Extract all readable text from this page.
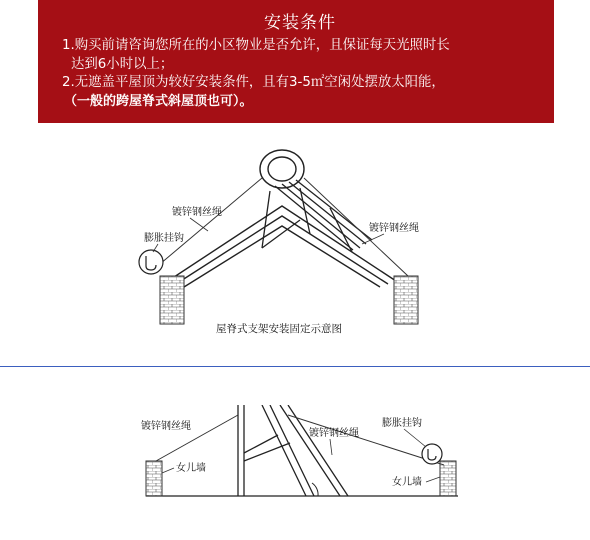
安装条件
1.购买前请咨询您所在的小区物业是否允许，且保证每天光照时长
达到6小时以上；
2.无遮盖平屋顶为较好安装条件，且有3-5㎡空闲处摆放太阳能，
（一般的跨屋脊式斜屋顶也可）。
镀锌钢丝绳
膨胀挂钩
镀锌钢丝绳
屋脊式支架安装固定示意图
镀锌钢丝绳
镀锌钢丝绳
膨胀挂钩
女儿墙
女儿墙
